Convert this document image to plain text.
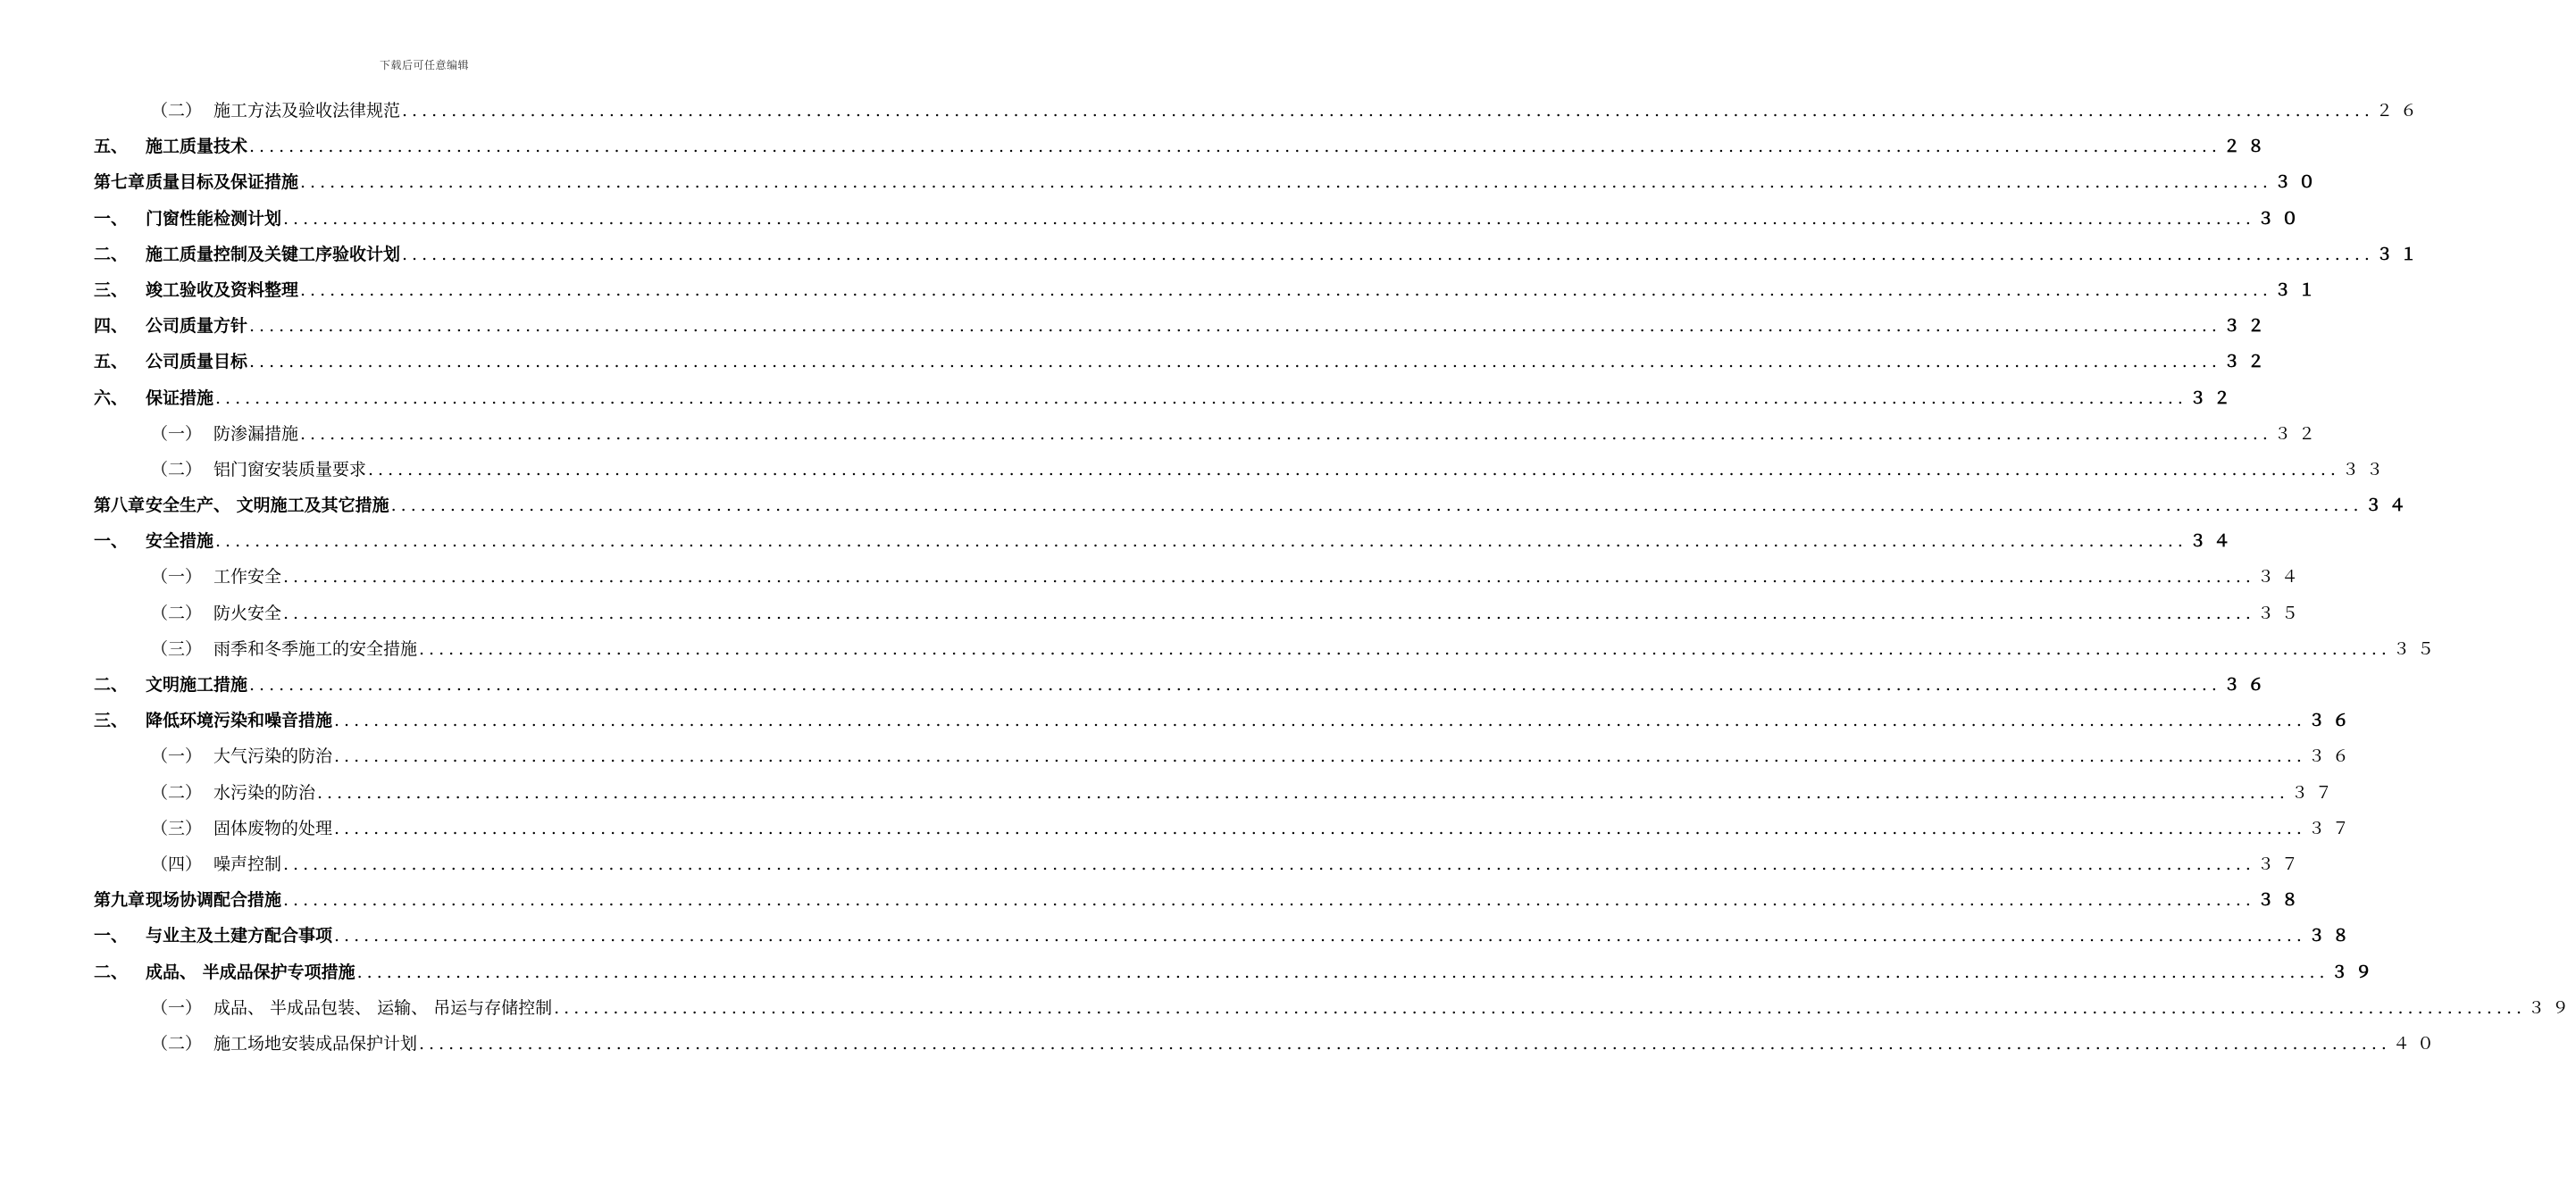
下载后可任意编辑
（二） 施工方法及验收法律规范 ........................................................................................................................................................................................................ ２６
五、	施工质量技术 ........................................................................................................................................................................................................ ２８
第七章 质量目标及保证措施 ........................................................................................................................................................................................................ ３０
一、	门窗性能检测计划 ........................................................................................................................................................................................................ ３０
二、	施工质量控制及关键工序验收计划 ........................................................................................................................................................................................................ ３１
三、	竣工验收及资料整理 ........................................................................................................................................................................................................ ３１
四、	公司质量方针 ........................................................................................................................................................................................................ ３２
五、	公司质量目标 ........................................................................................................................................................................................................ ３２
六、	保证措施 ........................................................................................................................................................................................................ ３２
（一） 防渗漏措施 ........................................................................................................................................................................................................ ３２
（二） 铝门窗安装质量要求 ........................................................................................................................................................................................................ ３３
第八章 安全生产、 文明施工及其它措施 ........................................................................................................................................................................................................ ３４
一、	安全措施 ........................................................................................................................................................................................................ ３４
（一） 工作安全 ........................................................................................................................................................................................................ ３４
（二） 防火安全 ........................................................................................................................................................................................................ ３５
（三） 雨季和冬季施工的安全措施 ........................................................................................................................................................................................................ ３５
二、	文明施工措施 ........................................................................................................................................................................................................ ３６
三、	降低环境污染和噪音措施 ........................................................................................................................................................................................................ ３６
（一） 大气污染的防治 ........................................................................................................................................................................................................ ３６
（二） 水污染的防治 ........................................................................................................................................................................................................ ３７
（三） 固体废物的处理 ........................................................................................................................................................................................................ ３７
（四） 噪声控制 ........................................................................................................................................................................................................ ３７
第九章 现场协调配合措施 ........................................................................................................................................................................................................ ３８
一、	与业主及土建方配合事项 ........................................................................................................................................................................................................ ３８
二、	成品、 半成品保护专项措施 ........................................................................................................................................................................................................ ３９
（一） 成品、 半成品包装、 运输、 吊运与存储控制 ........................................................................................................................................................................................................ ３９
（二） 施工场地安装成品保护计划 ........................................................................................................................................................................................................ ４０
